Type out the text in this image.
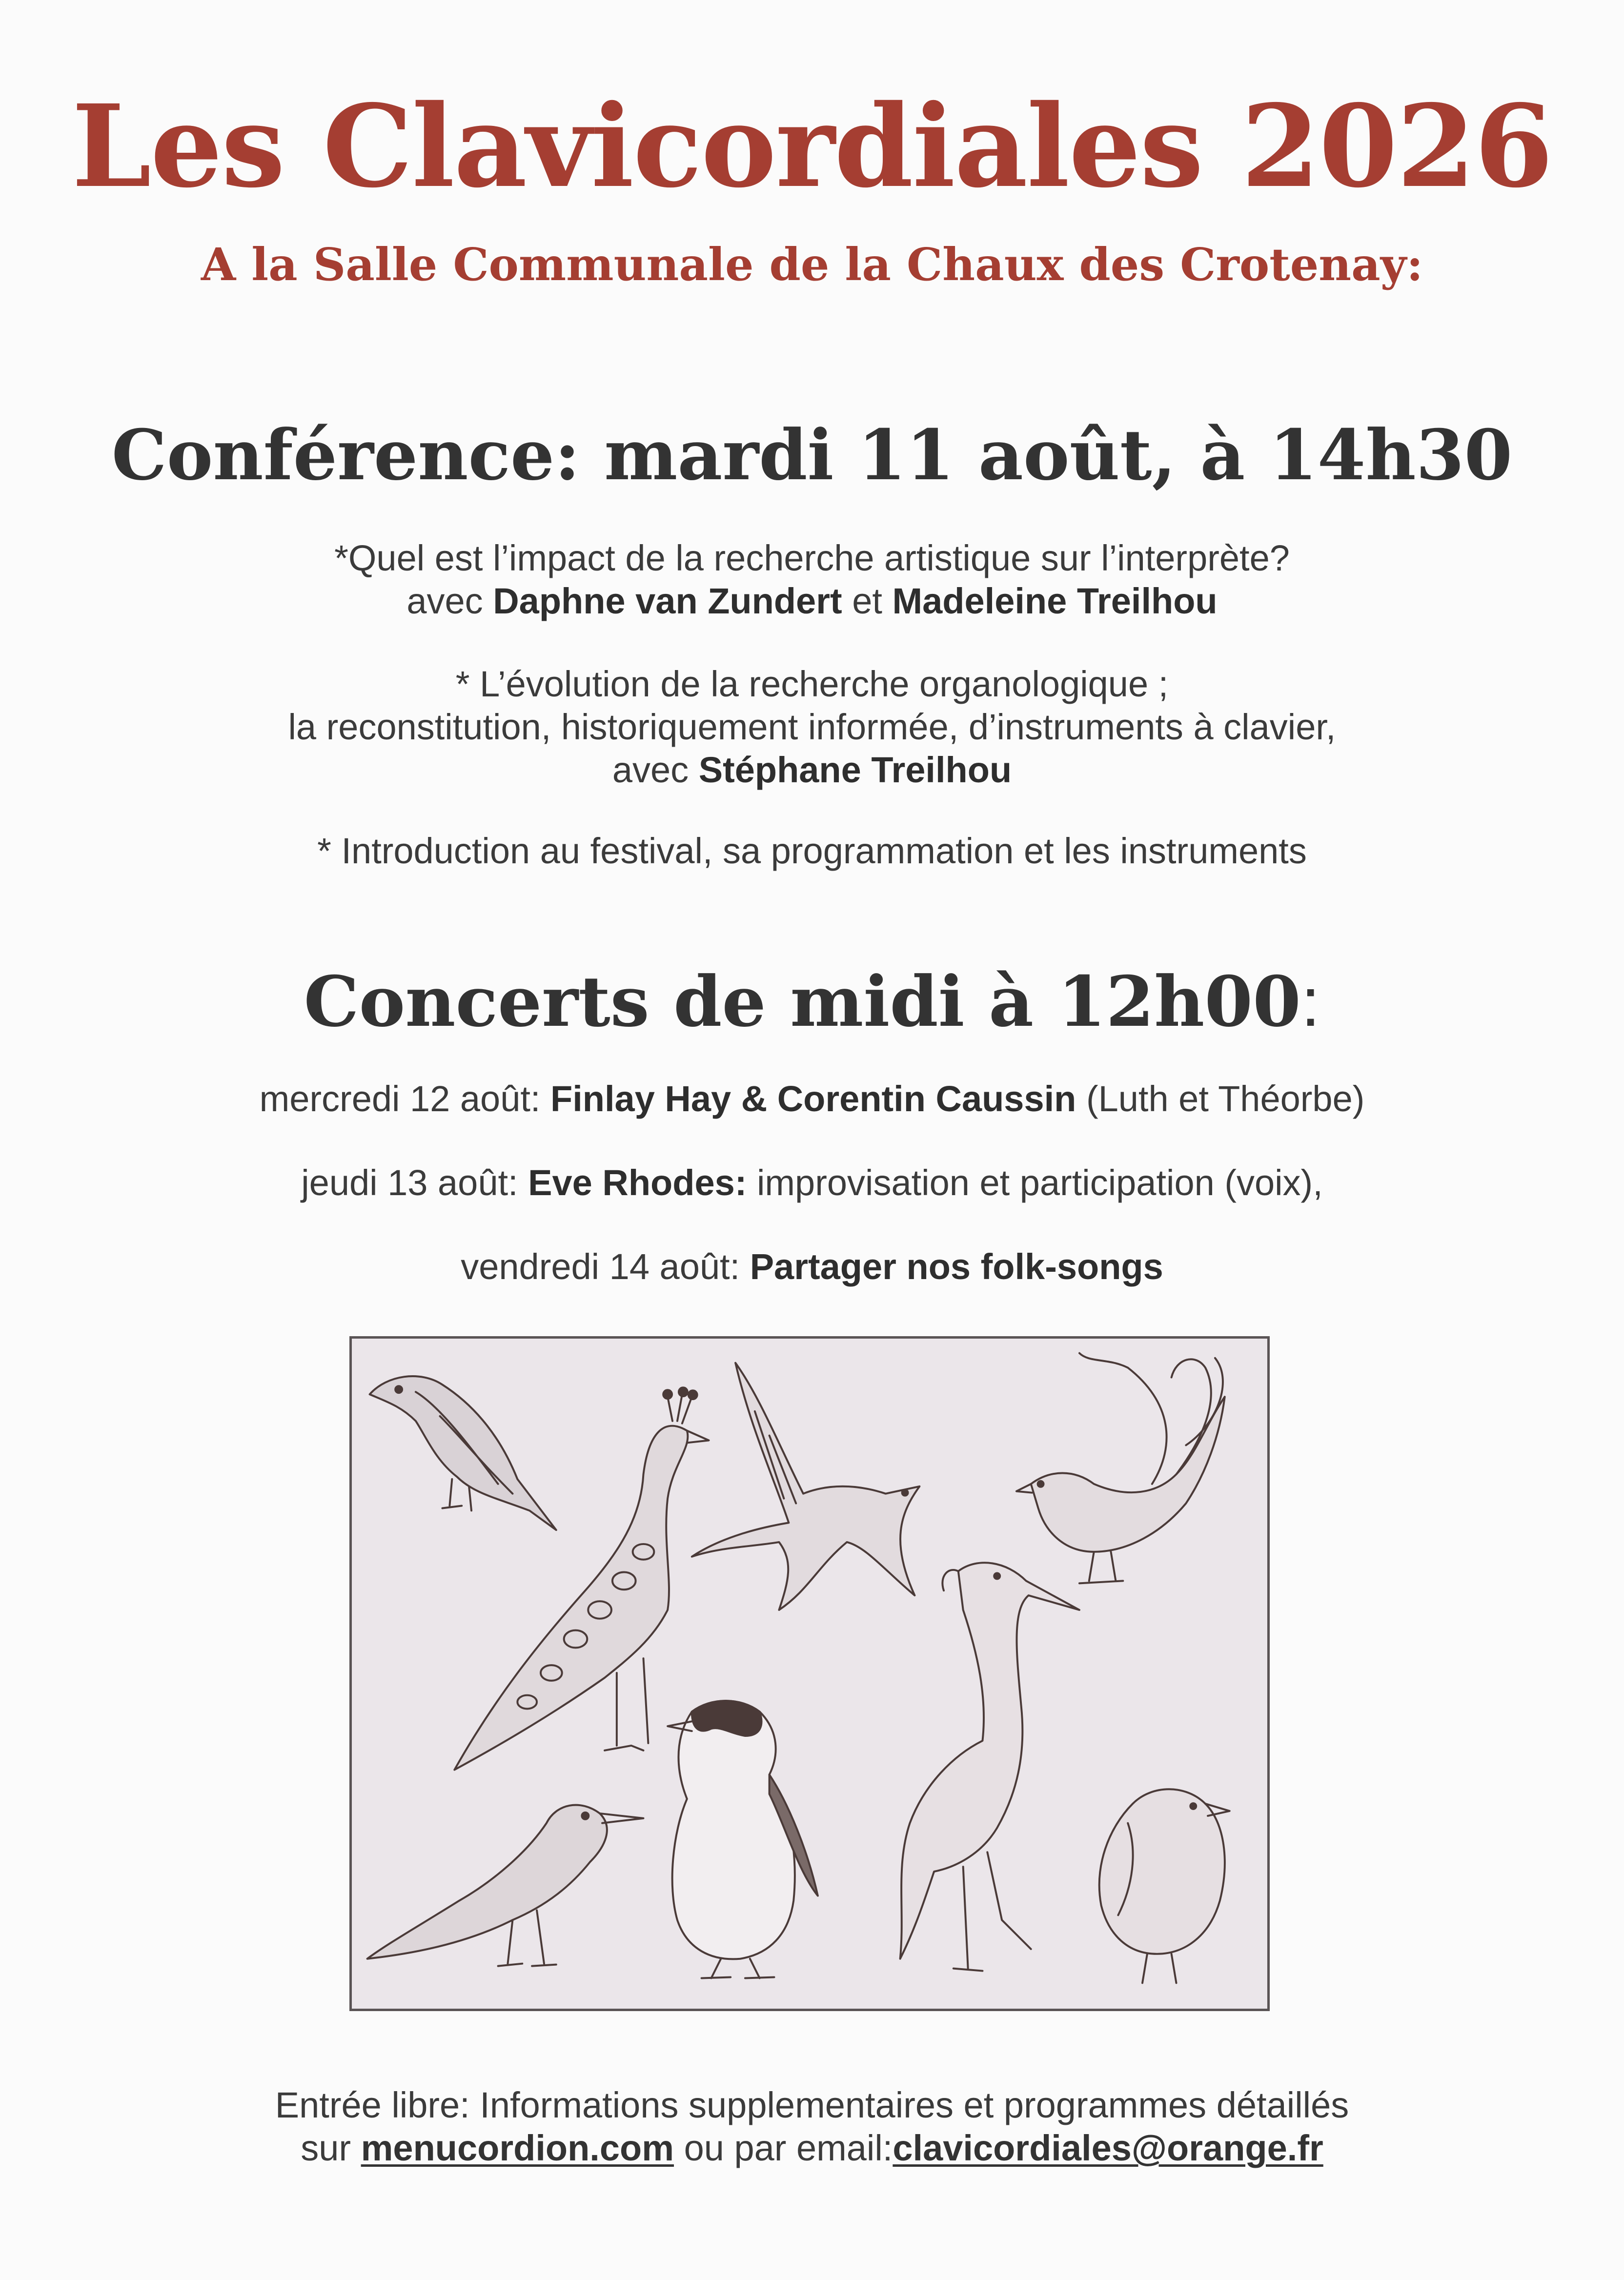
Les Clavicordiales 2026
A la Salle Communale de la Chaux des Crotenay:
Conférence: mardi 11 août, à 14h30
*Quel est l’impact de la recherche artistique sur l’interprète?
avec Daphne van Zundert et Madeleine Treilhou
* L’évolution de la recherche organologique ;
la reconstitution, historiquement informée, d’instruments à clavier,
avec Stéphane Treilhou
* Introduction au festival, sa programmation et les instruments
Concerts de midi à 12h00:
mercredi 12 août: Finlay Hay & Corentin Caussin (Luth et Théorbe)
jeudi 13 août: Eve Rhodes: improvisation et participation (voix),
vendredi 14 août: Partager nos folk-songs
Entrée libre: Informations supplementaires et programmes détaillés
sur menucordion.com ou par email:clavicordiales@orange.fr
